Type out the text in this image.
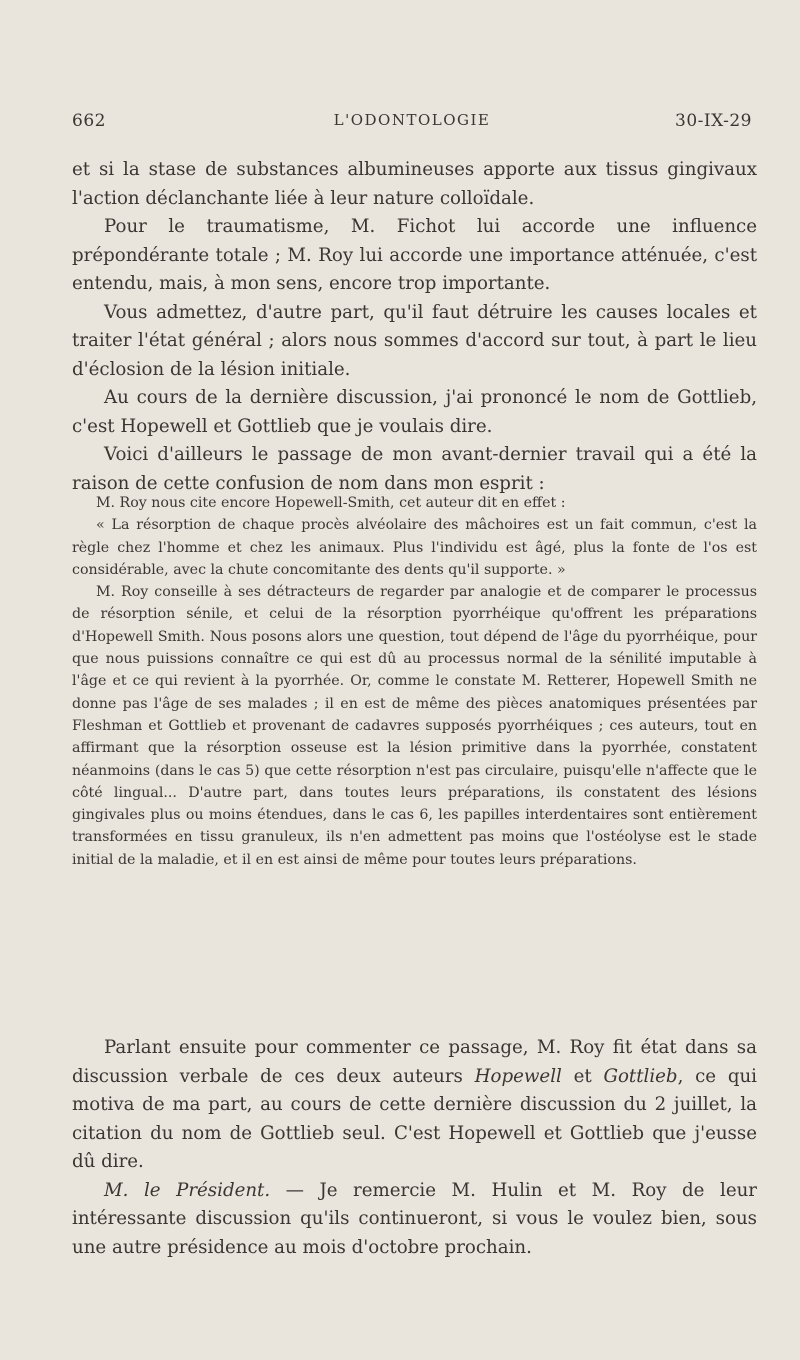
662	L'ODONTOLOGIE	30-IX-29

et si la stase de substances albumineuses apporte aux tissus gingivaux l'action déclanchante liée à leur nature colloïdale.

Pour le traumatisme, M. Fichot lui accorde une influence prépondérante totale ; M. Roy lui accorde une importance atténuée, c'est entendu, mais, à mon sens, encore trop importante.

Vous admettez, d'autre part, qu'il faut détruire les causes locales et traiter l'état général ; alors nous sommes d'accord sur tout, à part le lieu d'éclosion de la lésion initiale.

Au cours de la dernière discussion, j'ai prononcé le nom de Gottlieb, c'est Hopewell et Gottlieb que je voulais dire.

Voici d'ailleurs le passage de mon avant-dernier travail qui a été la raison de cette confusion de nom dans mon esprit :

M. Roy nous cite encore Hopewell-Smith, cet auteur dit en effet :

« La résorption de chaque procès alvéolaire des mâchoires est un fait commun, c'est la règle chez l'homme et chez les animaux. Plus l'individu est âgé, plus la fonte de l'os est considérable, avec la chute concomitante des dents qu'il supporte. »

M. Roy conseille à ses détracteurs de regarder par analogie et de comparer le processus de résorption sénile, et celui de la résorption pyorrhéique qu'offrent les préparations d'Hopewell Smith. Nous posons alors une question, tout dépend de l'âge du pyorrhéique, pour que nous puissions connaître ce qui est dû au processus normal de la sénilité imputable à l'âge et ce qui revient à la pyorrhée. Or, comme le constate M. Retterer, Hopewell Smith ne donne pas l'âge de ses malades ; il en est de même des pièces anatomiques présentées par Fleshman et Gottlieb et provenant de cadavres supposés pyorrhéiques ; ces auteurs, tout en affirmant que la résorption osseuse est la lésion primitive dans la pyorrhée, constatent néanmoins (dans le cas 5) que cette résorption n'est pas circulaire, puisqu'elle n'affecte que le côté lingual... D'autre part, dans toutes leurs préparations, ils constatent des lésions gingivales plus ou moins étendues, dans le cas 6, les papilles interdentaires sont entièrement transformées en tissu granuleux, ils n'en admettent pas moins que l'ostéolyse est le stade initial de la maladie, et il en est ainsi de même pour toutes leurs préparations.

Parlant ensuite pour commenter ce passage, M. Roy fit état dans sa discussion verbale de ces deux auteurs Hopewell et Gottlieb, ce qui motiva de ma part, au cours de cette dernière discussion du 2 juillet, la citation du nom de Gottlieb seul. C'est Hopewell et Gottlieb que j'eusse dû dire.

M. le Président. — Je remercie M. Hulin et M. Roy de leur intéressante discussion qu'ils continueront, si vous le voulez bien, sous une autre présidence au mois d'octobre prochain.
